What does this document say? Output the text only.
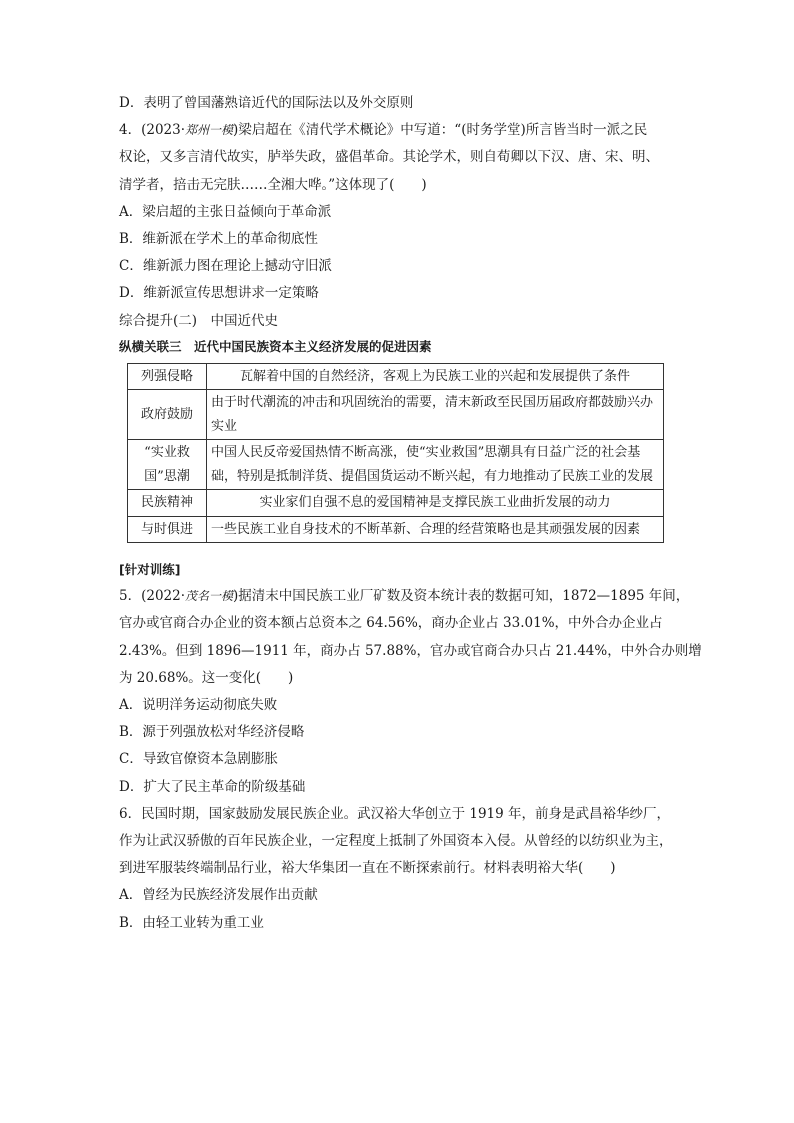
D．表明了曾国藩熟谙近代的国际法以及外交原则
4．(2023·郑州一模)梁启超在《清代学术概论》中写道：“(时务学堂)所言皆当时一派之民
权论，又多言清代故实，胪举失政，盛倡革命。其论学术，则自荀卿以下汉、唐、宋、明、
清学者，掊击无完肤……全湘大哗。”这体现了(　　)
A．梁启超的主张日益倾向于革命派
B．维新派在学术上的革命彻底性
C．维新派力图在理论上撼动守旧派
D．维新派宣传思想讲求一定策略
综合提升(二)　中国近代史
纵横关联三　近代中国民族资本主义经济发展的促进因素
列强侵略	瓦解着中国的自然经济，客观上为民族工业的兴起和发展提供了条件
政府鼓励	由于时代潮流的冲击和巩固统治的需要，清末新政至民国历届政府都鼓励兴办实业
“实业救国”思潮	中国人民反帝爱国热情不断高涨，使“实业救国”思潮具有日益广泛的社会基础，特别是抵制洋货、提倡国货运动不断兴起，有力地推动了民族工业的发展
民族精神	实业家们自强不息的爱国精神是支撑民族工业曲折发展的动力
与时俱进	一些民族工业自身技术的不断革新、合理的经营策略也是其顽强发展的因素
[针对训练]
5．(2022·茂名一模)据清末中国民族工业厂矿数及资本统计表的数据可知，1872—1895 年间，
官办或官商合办企业的资本额占总资本之 64.56%，商办企业占 33.01%，中外合办企业占
2.43%。但到 1896—1911 年，商办占 57.88%，官办或官商合办只占 21.44%，中外合办则增
为 20.68%。这一变化(　　)
A．说明洋务运动彻底失败
B．源于列强放松对华经济侵略
C．导致官僚资本急剧膨胀
D．扩大了民主革命的阶级基础
6．民国时期，国家鼓励发展民族企业。武汉裕大华创立于 1919 年，前身是武昌裕华纱厂，
作为让武汉骄傲的百年民族企业，一定程度上抵制了外国资本入侵。从曾经的以纺织业为主，
到进军服装终端制品行业，裕大华集团一直在不断探索前行。材料表明裕大华(　　)
A．曾经为民族经济发展作出贡献
B．由轻工业转为重工业
